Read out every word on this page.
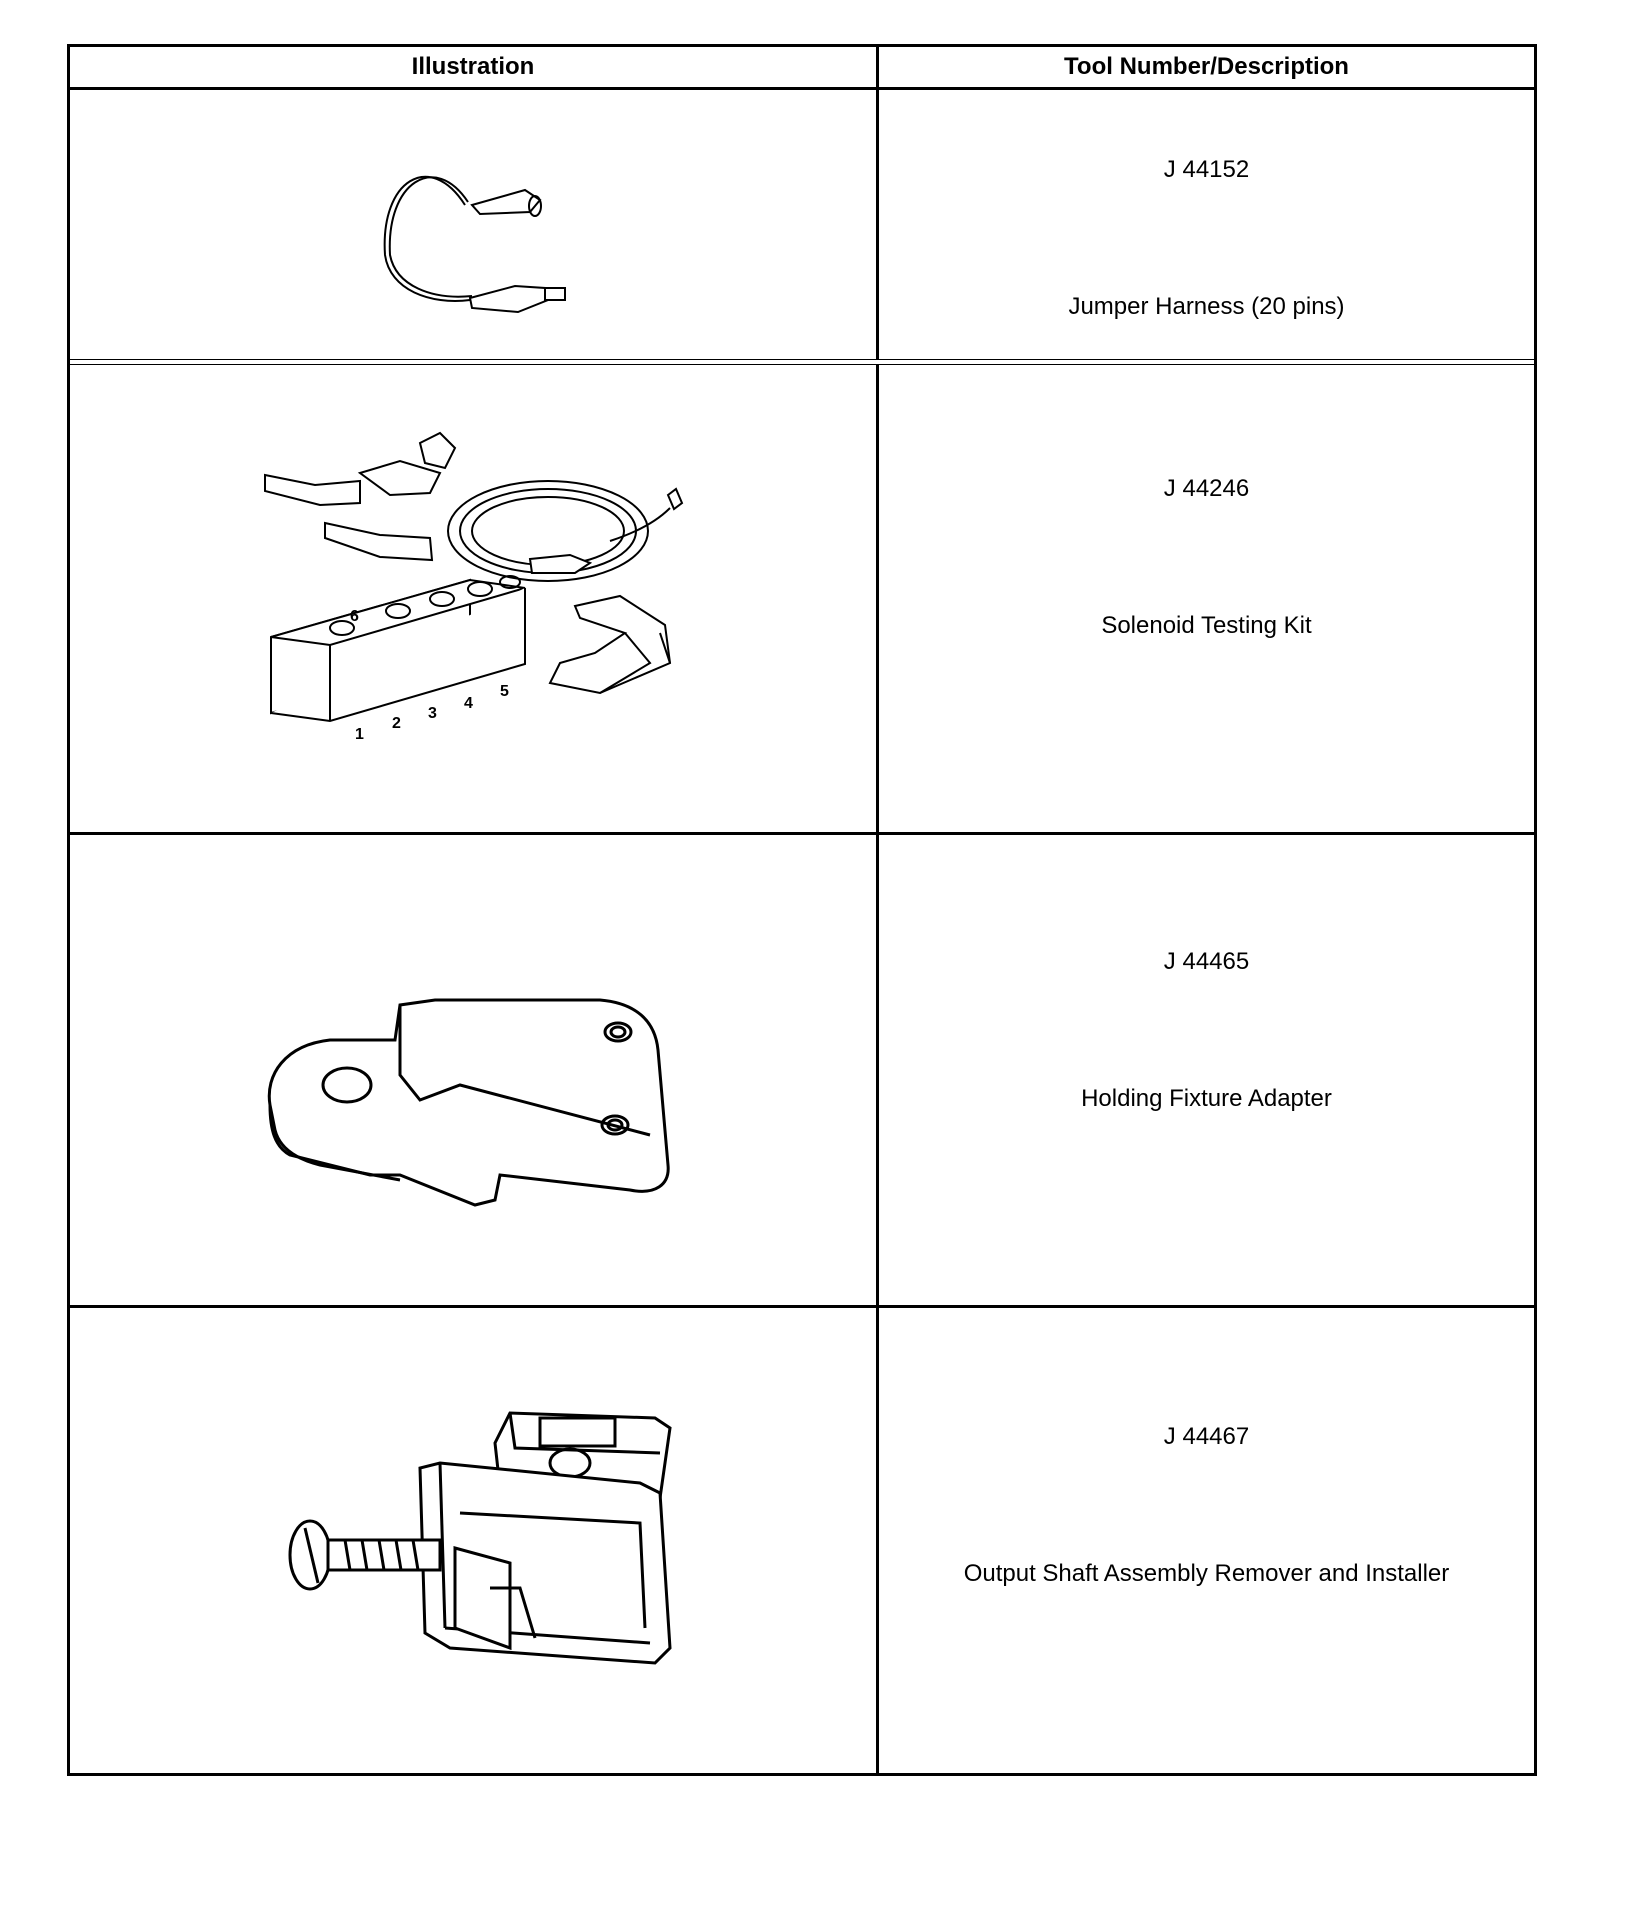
Illustration	Tool Number/Description
J 44152
Jumper Harness (20 pins)
6
1
2
3
4
5
J 44246
Solenoid Testing Kit
J 44465
Holding Fixture Adapter
J 44467
Output Shaft Assembly Remover and Installer
